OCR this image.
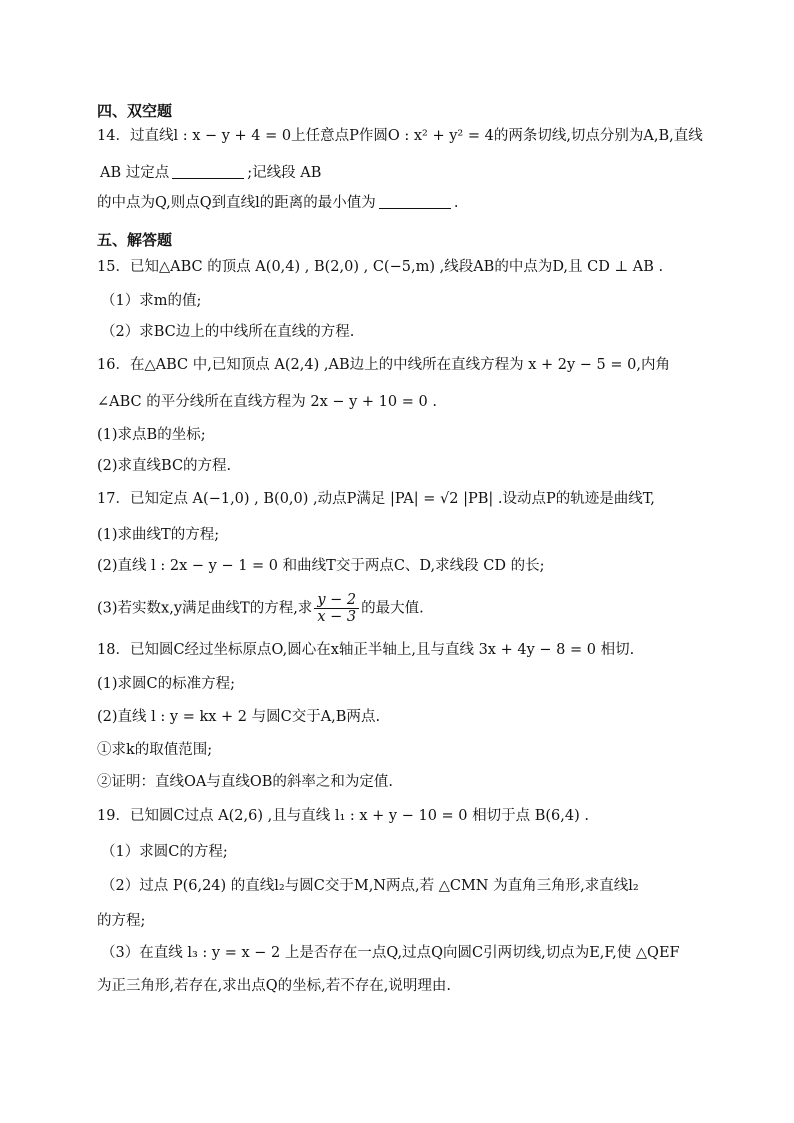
四、双空题
14．过直线l : x − y + 4 = 0上任意点P作圆O : x² + y² = 4的两条切线,切点分别为A,B,直线
AB 过定点	;记线段 AB
的中点为Q,则点Q到直线l的距离的最小值为	.
五、解答题
15．已知△ABC 的顶点 A(0,4) , B(2,0) , C(−5,m) ,线段AB的中点为D,且 CD ⊥ AB .
（1）求m的值;
（2）求BC边上的中线所在直线的方程.
16．在△ABC 中,已知顶点 A(2,4) ,AB边上的中线所在直线方程为 x + 2y − 5 = 0,内角
∠ABC 的平分线所在直线方程为 2x − y + 10 = 0 .
(1)求点B的坐标;
(2)求直线BC的方程.
17．已知定点 A(−1,0) , B(0,0) ,动点P满足 |PA| = √2 |PB| .设动点P的轨迹是曲线T,
(1)求曲线T的方程;
(2)直线 l : 2x − y − 1 = 0 和曲线T交于两点C、D,求线段 CD 的长;
(3)若实数x,y满足曲线T的方程,求 $\frac{y - 2}{x - 3}$ 的最大值.
18．已知圆C经过坐标原点O,圆心在x轴正半轴上,且与直线 3x + 4y − 8 = 0 相切.
(1)求圆C的标准方程;
(2)直线 l : y = kx + 2 与圆C交于A,B两点.
①求k的取值范围;
②证明：直线OA与直线OB的斜率之和为定值.
19．已知圆C过点 A(2,6) ,且与直线 l₁ : x + y − 10 = 0 相切于点 B(6,4) .
（1）求圆C的方程;
（2）过点 P(6,24) 的直线l₂与圆C交于M,N两点,若 △CMN 为直角三角形,求直线l₂
的方程;
（3）在直线 l₃ : y = x − 2 上是否存在一点Q,过点Q向圆C引两切线,切点为E,F,使 △QEF
为正三角形,若存在,求出点Q的坐标,若不存在,说明理由.
